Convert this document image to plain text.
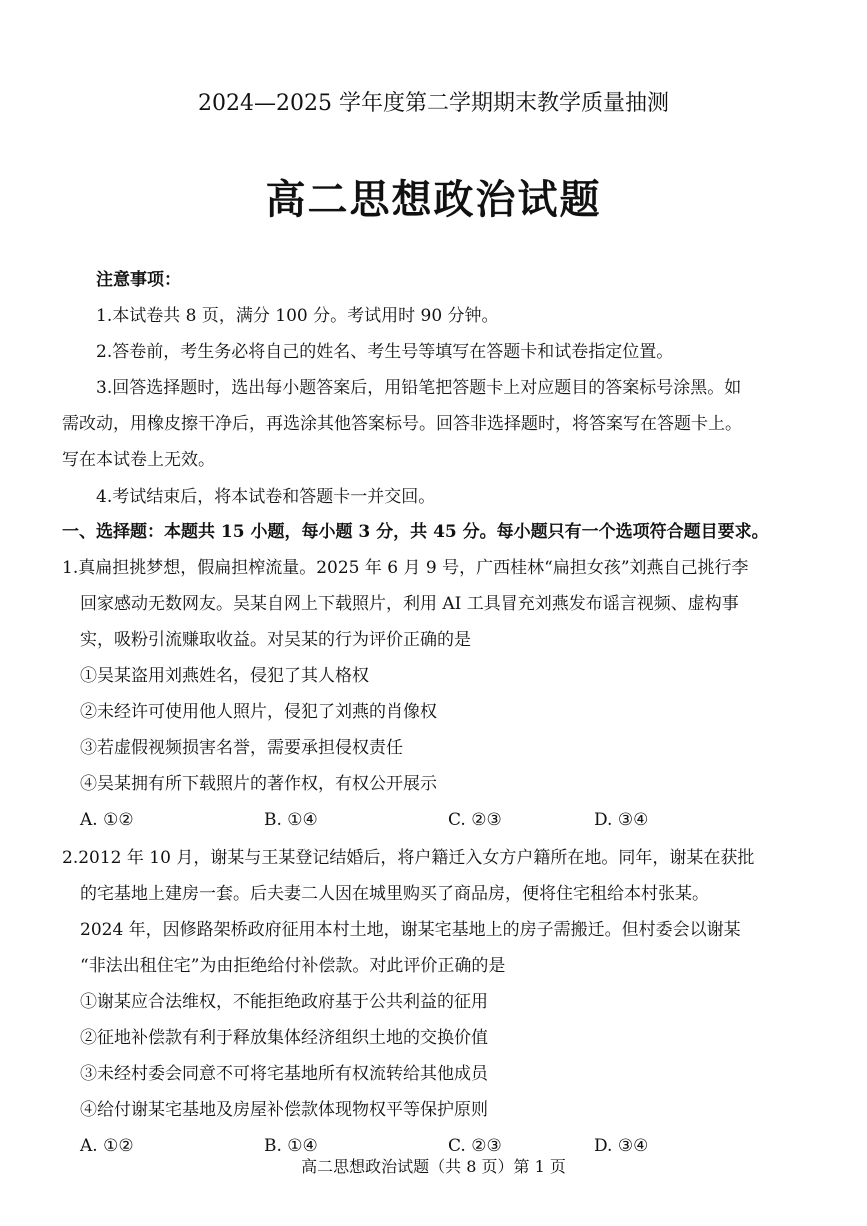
2024—2025 学年度第二学期期末教学质量抽测
高二思想政治试题
注意事项：
1.本试卷共 8 页，满分 100 分。考试用时 90 分钟。
2.答卷前，考生务必将自己的姓名、考生号等填写在答题卡和试卷指定位置。
3.回答选择题时，选出每小题答案后，用铅笔把答题卡上对应题目的答案标号涂黑。如
需改动，用橡皮擦干净后，再选涂其他答案标号。回答非选择题时，将答案写在答题卡上。
写在本试卷上无效。
4.考试结束后，将本试卷和答题卡一并交回。
一、选择题：本题共 15 小题，每小题 3 分，共 45 分。每小题只有一个选项符合题目要求。
1.真扁担挑梦想，假扁担榨流量。2025 年 6 月 9 号，广西桂林“扁担女孩”刘燕自己挑行李
回家感动无数网友。吴某自网上下载照片，利用 AI 工具冒充刘燕发布谣言视频、虚构事
实，吸粉引流赚取收益。对吴某的行为评价正确的是
①吴某盗用刘燕姓名，侵犯了其人格权
②未经许可使用他人照片，侵犯了刘燕的肖像权
③若虚假视频损害名誉，需要承担侵权责任
④吴某拥有所下载照片的著作权，有权公开展示
A. ①②	B. ①④	C. ②③	D. ③④
2.2012 年 10 月，谢某与王某登记结婚后，将户籍迁入女方户籍所在地。同年，谢某在获批
的宅基地上建房一套。后夫妻二人因在城里购买了商品房，便将住宅租给本村张某。
2024 年，因修路架桥政府征用本村土地，谢某宅基地上的房子需搬迁。但村委会以谢某
“非法出租住宅”为由拒绝给付补偿款。对此评价正确的是
①谢某应合法维权，不能拒绝政府基于公共利益的征用
②征地补偿款有利于释放集体经济组织土地的交换价值
③未经村委会同意不可将宅基地所有权流转给其他成员
④给付谢某宅基地及房屋补偿款体现物权平等保护原则
A. ①②	B. ①④	C. ②③	D. ③④
高二思想政治试题（共 8 页）第 1 页
